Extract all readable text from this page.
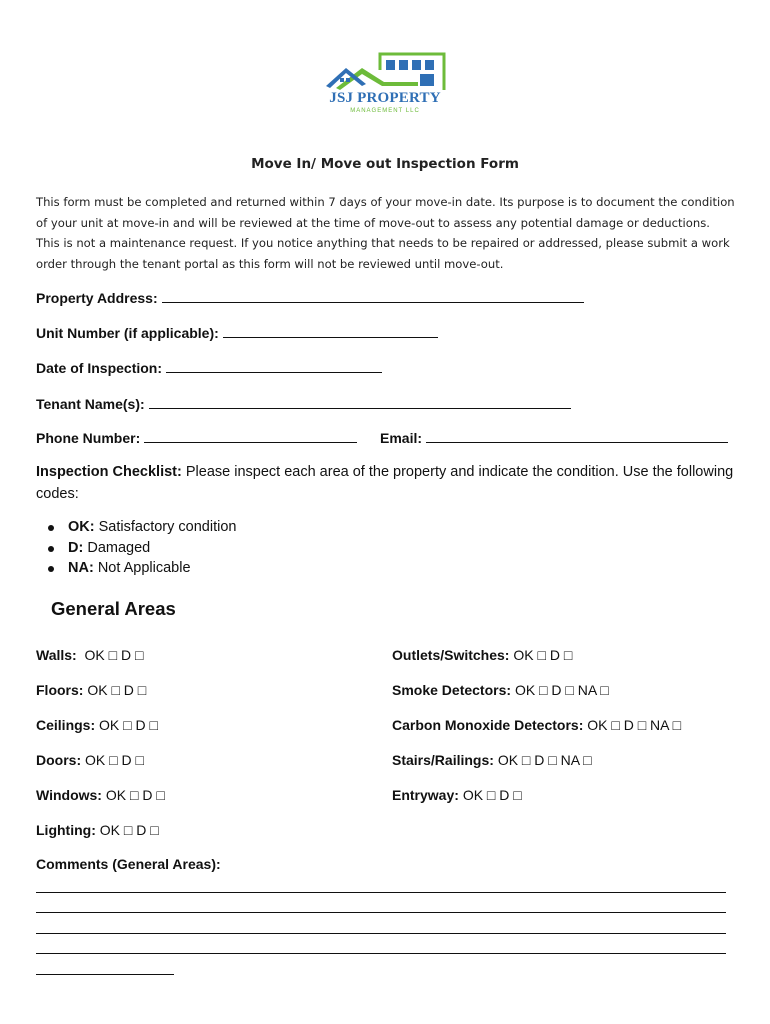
JSJ PROPERTY
MANAGEMENT LLC
Move In/ Move out Inspection Form

This form must be completed and returned within 7 days of your move-in date. Its purpose is to document the condition of your unit at move-in and will be reviewed at the time of move-out to assess any potential damage or deductions. This is not a maintenance request. If you notice anything that needs to be repaired or addressed, please submit a work order through the tenant portal as this form will not be reviewed until move-out.

Property Address:
Unit Number (if applicable):
Date of Inspection:
Tenant Name(s):
Phone Number:	Email:

Inspection Checklist: Please inspect each area of the property and indicate the condition. Use the following codes:

OK: Satisfactory condition
D: Damaged
NA: Not Applicable
General Areas
Walls: OK □ D □
Floors: OK □ D □
Ceilings: OK □ D □
Doors: OK □ D □
Windows: OK □ D □
Lighting: OK □ D □
Outlets/Switches: OK □ D □
Smoke Detectors: OK □ D □ NA □
Carbon Monoxide Detectors: OK □ D □ NA □
Stairs/Railings: OK □ D □ NA □
Entryway: OK □ D □
Comments (General Areas):
